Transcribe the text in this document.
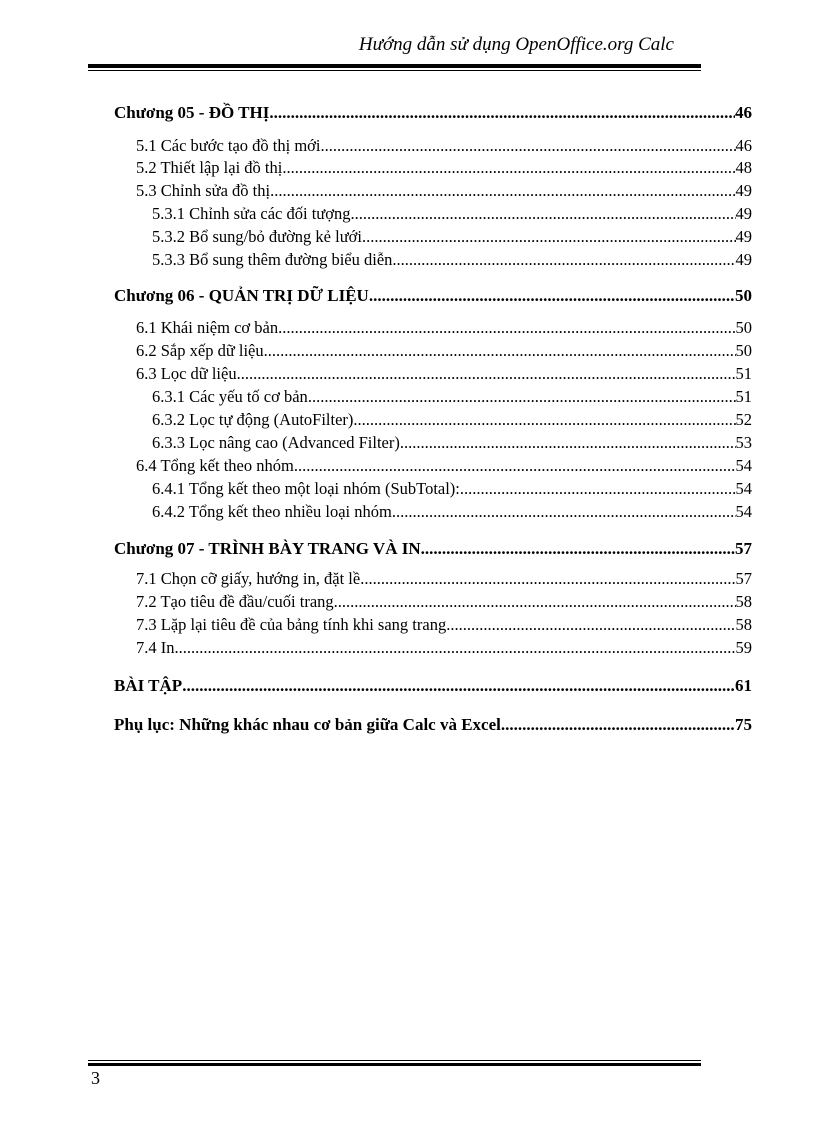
Hướng dẫn sử dụng OpenOffice.org Calc
Chương 05 - ĐỒ THỊ .....	46
5.1 Các bước tạo đồ thị mới .....	46
5.2 Thiết lập lại đồ thị .....	48
5.3 Chỉnh sửa đồ thị .....	49
5.3.1 Chỉnh sửa các đối tượng .....	49
5.3.2 Bổ sung/bỏ đường kẻ lưới .....	49
5.3.3 Bổ sung thêm đường biểu diễn .....	49
Chương 06 - QUẢN TRỊ DỮ LIỆU .....	50
6.1 Khái niệm cơ bản .....	50
6.2 Sắp xếp dữ liệu .....	50
6.3 Lọc dữ liệu .....	51
6.3.1 Các yếu tố cơ bản .....	51
6.3.2 Lọc tự động (AutoFilter) .....	52
6.3.3 Lọc nâng cao (Advanced Filter) .....	53
6.4 Tổng kết theo nhóm .....	54
6.4.1 Tổng kết theo một loại nhóm (SubTotal): .....	54
6.4.2 Tổng kết theo nhiều loại nhóm .....	54
Chương 07 - TRÌNH BÀY TRANG VÀ IN .....	57
7.1 Chọn cỡ giấy, hướng in, đặt lề .....	57
7.2 Tạo tiêu đề đầu/cuối trang .....	58
7.3 Lặp lại tiêu đề của bảng tính khi sang trang .....	58
7.4 In .....	59
BÀI TẬP .....	61
Phụ lục: Những khác nhau cơ bản giữa Calc và Excel .....	75
3
